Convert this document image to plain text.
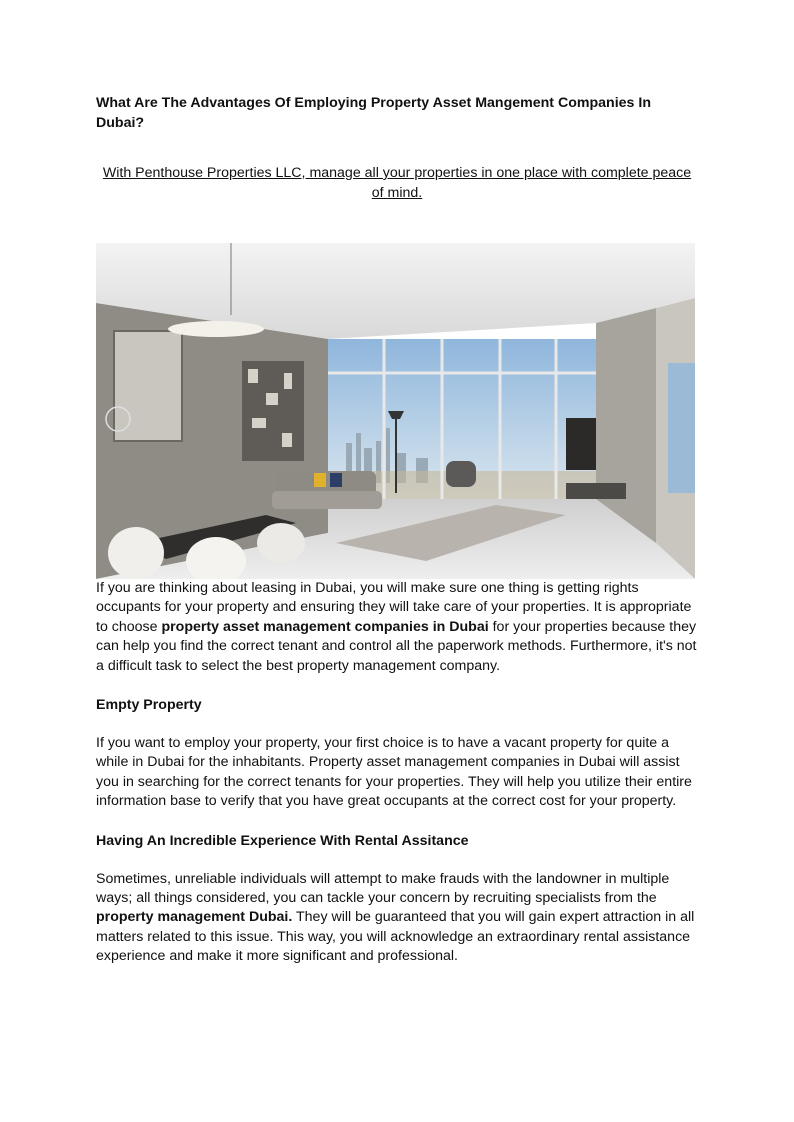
What Are The Advantages Of Employing Property Asset Mangement Companies In Dubai?
With Penthouse Properties LLC, manage all your properties in one place with complete peace of mind.

If you are thinking about leasing in Dubai, you will make sure one thing is getting rights occupants for your property and ensuring they will take care of your properties. It is appropriate to choose property asset management companies in Dubai for your properties because they can help you find the correct tenant and control all the paperwork methods. Furthermore, it's not a difficult task to select the best property management company.

Empty Property

If you want to employ your property, your first choice is to have a vacant property for quite a while in Dubai for the inhabitants. Property asset management companies in Dubai will assist you in searching for the correct tenants for your properties. They will help you utilize their entire information base to verify that you have great occupants at the correct cost for your property.

Having An Incredible Experience With Rental Assitance

Sometimes, unreliable individuals will attempt to make frauds with the landowner in multiple ways; all things considered, you can tackle your concern by recruiting specialists from the property management Dubai. They will be guaranteed that you will gain expert attraction in all matters related to this issue. This way, you will acknowledge an extraordinary rental assistance experience and make it more significant and professional.
